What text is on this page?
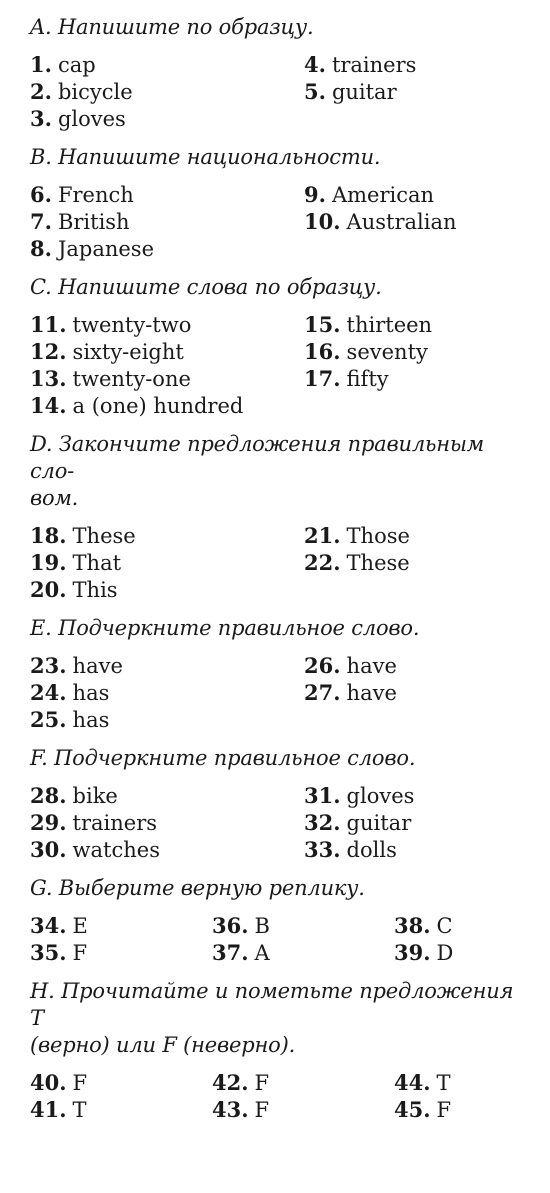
A. Напишите по образцу.
1. cap
2. bicycle
3. gloves
4. trainers
5. guitar
B. Напишите национальности.
6. French
7. British
8. Japanese
9. American
10. Australian
C. Напишите слова по образцу.
11. twenty-two
12. sixty-eight
13. twenty-one
14. a (one) hundred
15. thirteen
16. seventy
17. fifty
D. Закончите предложения правильным сло-
вом.
18. These
19. That
20. This
21. Those
22. These
E. Подчеркните правильное слово.
23. have
24. has
25. has
26. have
27. have
F. Подчеркните правильное слово.
28. bike
29. trainers
30. watches
31. gloves
32. guitar
33. dolls
G. Выберите верную реплику.
34. E
35. F
36. B
37. A
38. C
39. D
H. Прочитайте и пометьте предложения T
(верно) или F (неверно).
40. F
41. T
42. F
43. F
44. T
45. F
